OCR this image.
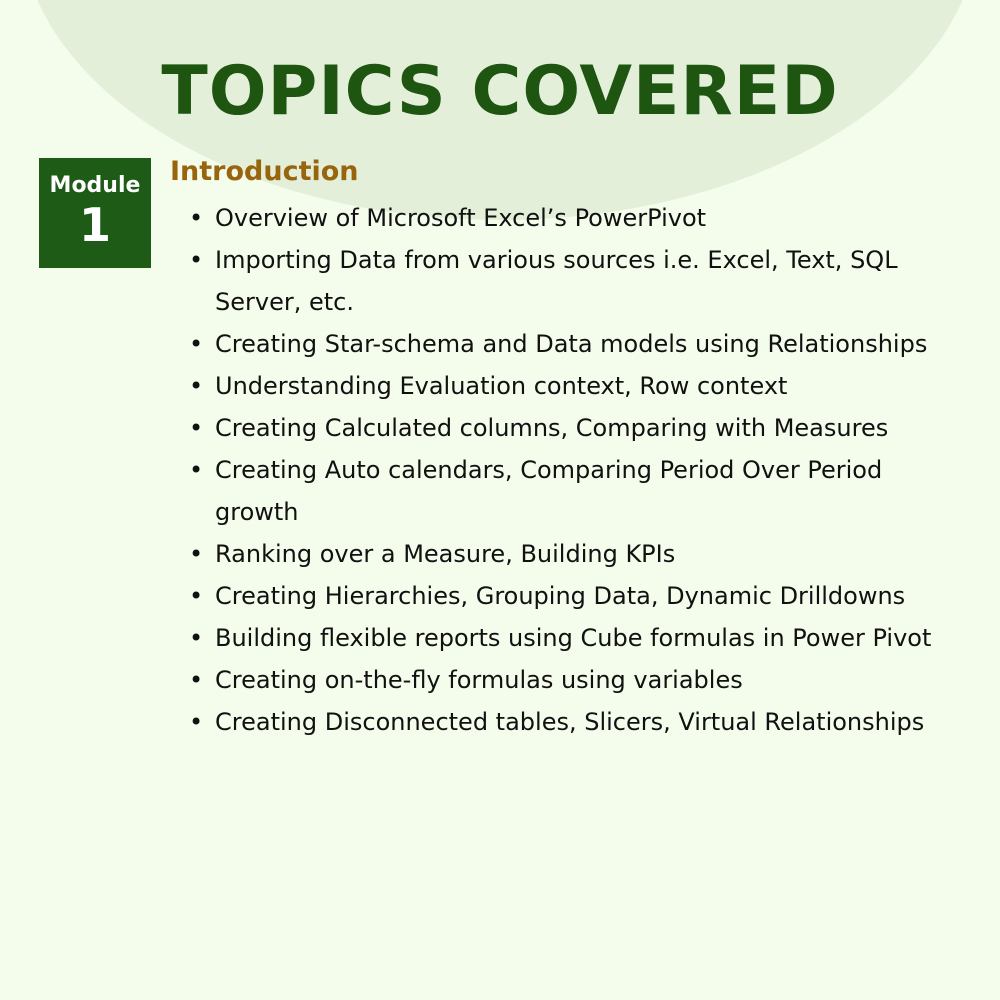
TOPICS COVERED
Module
1
Introduction
• Overview of Microsoft Excel’s PowerPivot
• Importing Data from various sources i.e. Excel, Text, SQL Server, etc.
• Creating Star-schema and Data models using Relationships
• Understanding Evaluation context, Row context
• Creating Calculated columns, Comparing with Measures
• Creating Auto calendars, Comparing Period Over Period growth
• Ranking over a Measure, Building KPIs
• Creating Hierarchies, Grouping Data, Dynamic Drilldowns
• Building flexible reports using Cube formulas in Power Pivot
• Creating on-the-fly formulas using variables
• Creating Disconnected tables, Slicers, Virtual Relationships
